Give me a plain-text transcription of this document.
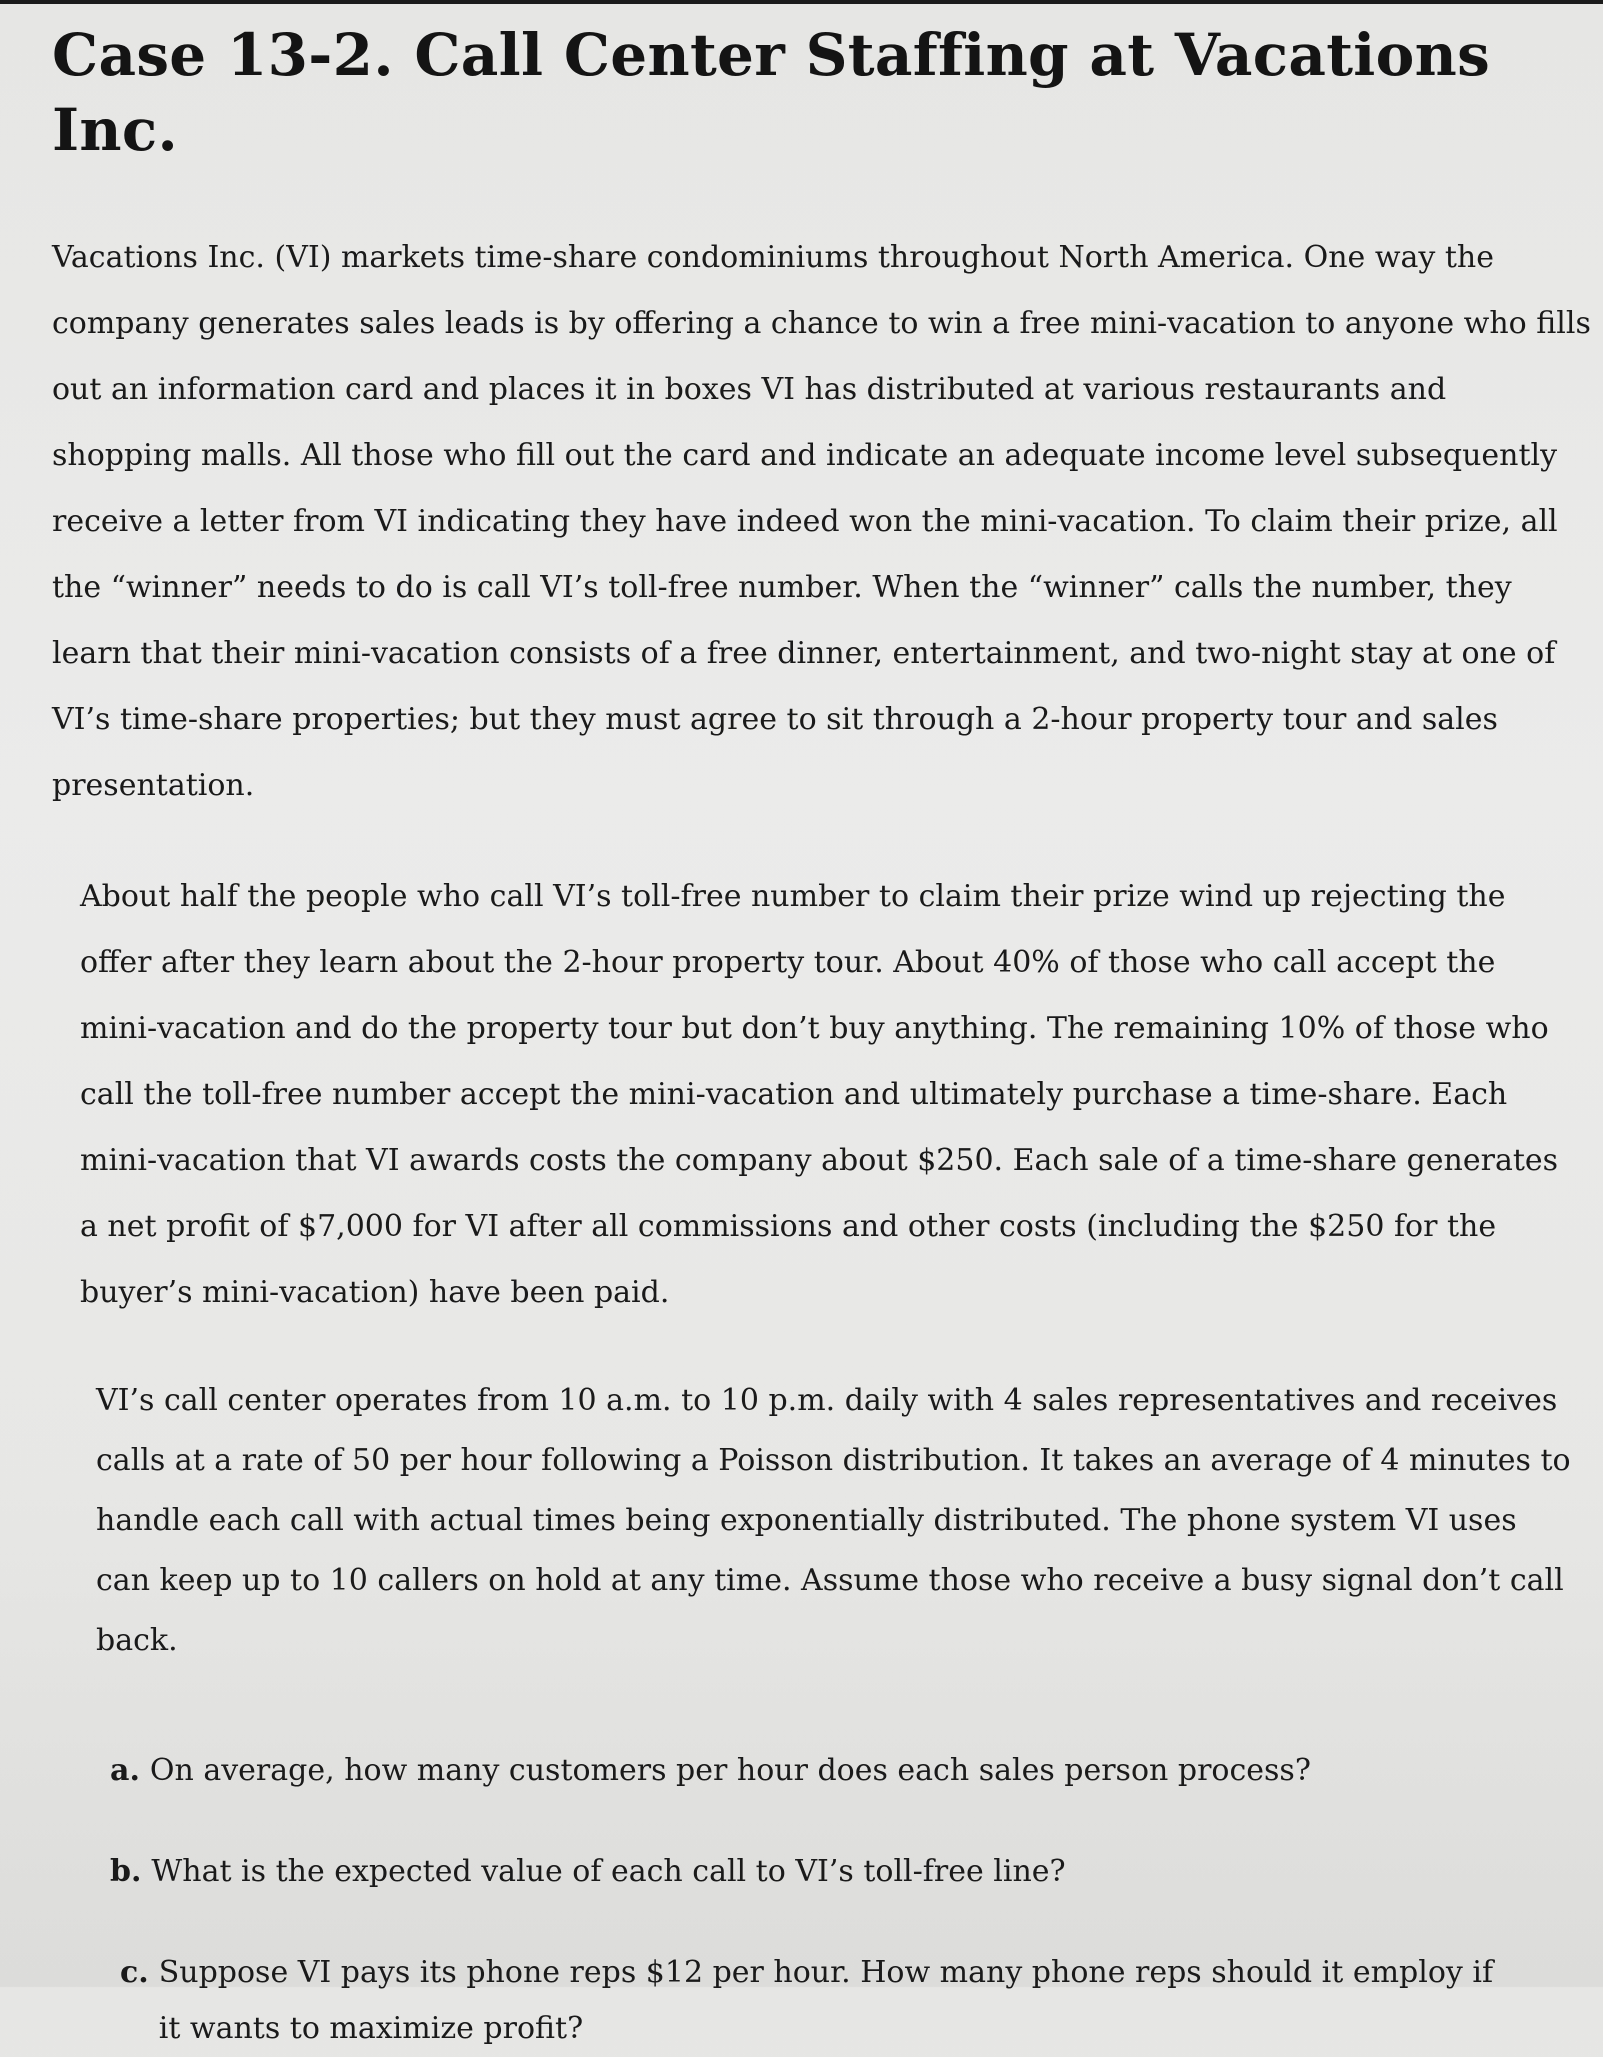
Case 13-2. Call Center Staffing at Vacations Inc.

Vacations Inc. (VI) markets time-share condominiums throughout North America. One way the company generates sales leads is by offering a chance to win a free mini-vacation to anyone who fills out an information card and places it in boxes VI has distributed at various restaurants and shopping malls. All those who fill out the card and indicate an adequate income level subsequently receive a letter from VI indicating they have indeed won the mini-vacation. To claim their prize, all the “winner” needs to do is call VI’s toll-free number. When the “winner” calls the number, they learn that their mini-vacation consists of a free dinner, entertainment, and two-night stay at one of VI’s time-share properties; but they must agree to sit through a 2-hour property tour and sales presentation.

About half the people who call VI’s toll-free number to claim their prize wind up rejecting the offer after they learn about the 2-hour property tour. About 40% of those who call accept the mini-vacation and do the property tour but don’t buy anything. The remaining 10% of those who call the toll-free number accept the mini-vacation and ultimately purchase a time-share. Each mini-vacation that VI awards costs the company about $250. Each sale of a time-share generates a net profit of $7,000 for VI after all commissions and other costs (including the $250 for the buyer’s mini-vacation) have been paid.

VI’s call center operates from 10 a.m. to 10 p.m. daily with 4 sales representatives and receives calls at a rate of 50 per hour following a Poisson distribution. It takes an average of 4 minutes to handle each call with actual times being exponentially distributed. The phone system VI uses can keep up to 10 callers on hold at any time. Assume those who receive a busy signal don’t call back.

a. On average, how many customers per hour does each sales person process?
b. What is the expected value of each call to VI’s toll-free line?
c. Suppose VI pays its phone reps $12 per hour. How many phone reps should it employ if it wants to maximize profit?
